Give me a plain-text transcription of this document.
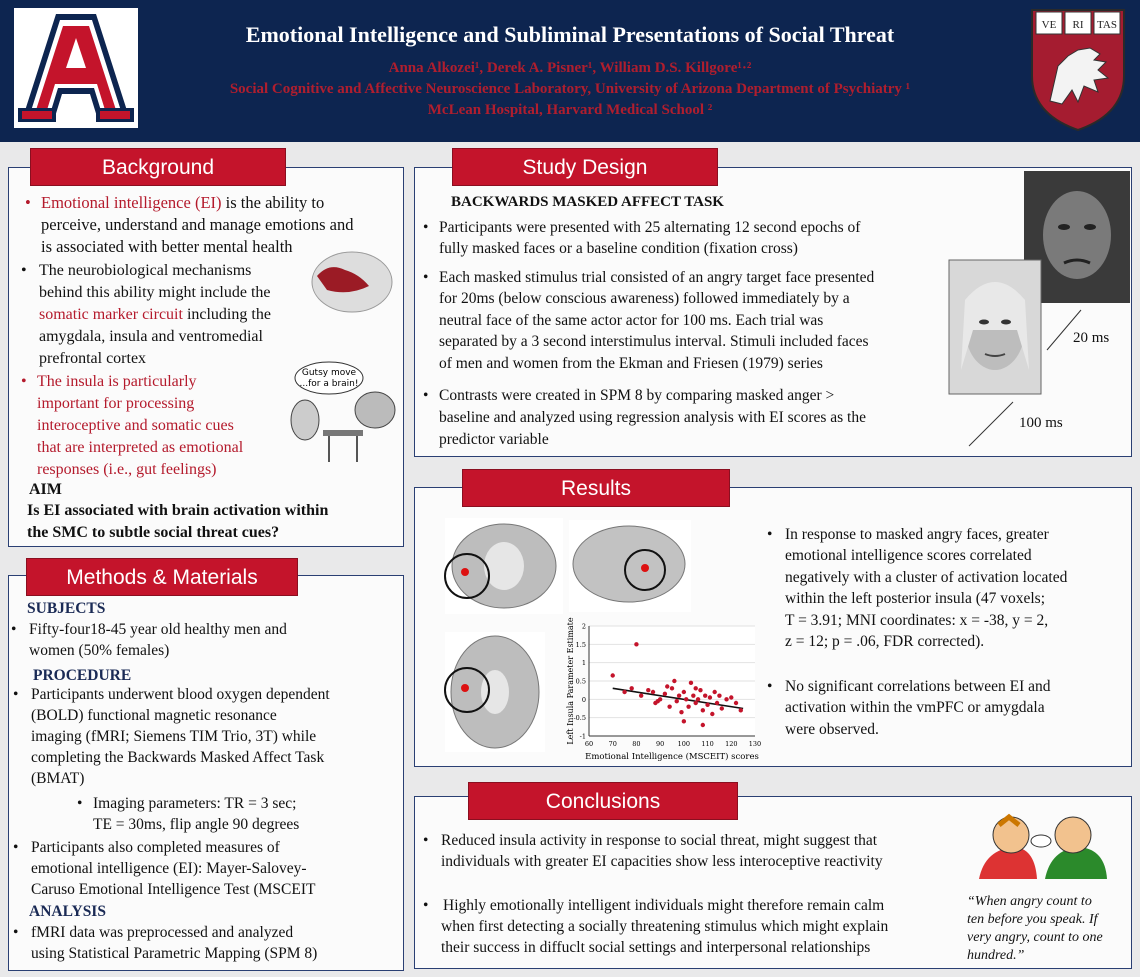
A
Emotional Intelligence and Subliminal Presentations of Social Threat
Anna Alkozei¹, Derek A. Pisner¹, William D.S. Killgore¹·²
Social Cognitive and Affective Neuroscience Laboratory, University of Arizona Department of Psychiatry ¹
McLean Hospital, Harvard Medical School ²
VE RI TAS
• Emotional intelligence (EI) is the ability to
perceive, understand and manage emotions and
is associated with better mental health
• The neurobiological mechanisms
behind this ability might include the
somatic marker circuit including the
amygdala, insula and ventromedial
prefrontal cortex
• The insula is particularly
important for processing
interoceptive and somatic cues
that are interpreted as emotional
responses (i.e., gut feelings)
Gutsy move
...for a brain!
AIM
Is EI associated with brain activation within
the SMC to subtle social threat cues?
Background
SUBJECTS
• Fifty-four18-45 year old healthy men and
women (50% females)
PROCEDURE
• Participants underwent blood oxygen dependent
(BOLD) functional magnetic resonance
imaging (fMRI; Siemens TIM Trio, 3T) while
completing the Backwards Masked Affect Task
(BMAT)
• Imaging parameters: TR = 3 sec;
TE = 30ms, flip angle 90 degrees
• Participants also completed measures of
emotional intelligence (EI): Mayer-Salovey-
Caruso Emotional Intelligence Test (MSCEIT
ANALYSIS
• fMRI data was preprocessed and analyzed
using Statistical Parametric Mapping (SPM 8)
Methods & Materials
BACKWARDS MASKED AFFECT TASK
• Participants were presented with 25 alternating 12 second epochs of
fully masked faces or a baseline condition (fixation cross)
• Each masked stimulus trial consisted of an angry target face presented
for 20ms (below conscious awareness) followed immediately by a
neutral face of the same actor actor for 100 ms. Each trial was
separated by a 3 second interstimulus interval. Stimuli included faces
of men and women from the Ekman and Friesen (1979) series
• Contrasts were created in SPM 8 by comparing masked anger >
baseline and analyzed using regression analysis with EI scores as the
predictor variable
20 ms
100 ms
Study Design
-1
-0.5
0
0.5
1
1.5
2
60 70 80 90 100 110 120 130
Left Insula Parameter Estimate
Emotional Intelligence (MSCEIT) scores
• In response to masked angry faces, greater
emotional intelligence scores correlated
negatively with a cluster of activation located
within the left posterior insula (47 voxels;
T = 3.91; MNI coordinates: x = -38, y = 2,
z = 12; p = .06, FDR corrected).
• No significant correlations between EI and
activation within the vmPFC or amygdala
were observed.
Results
• Reduced insula activity in response to social threat, might suggest that
individuals with greater EI capacities show less interoceptive reactivity
• Highly emotionally intelligent individuals might therefore remain calm
when first detecting a socially threatening stimulus which might explain
their success in diffuclt social settings and interpersonal relationships
“When angry count to
ten before you speak. If
very angry, count to one
hundred.”
Conclusions
